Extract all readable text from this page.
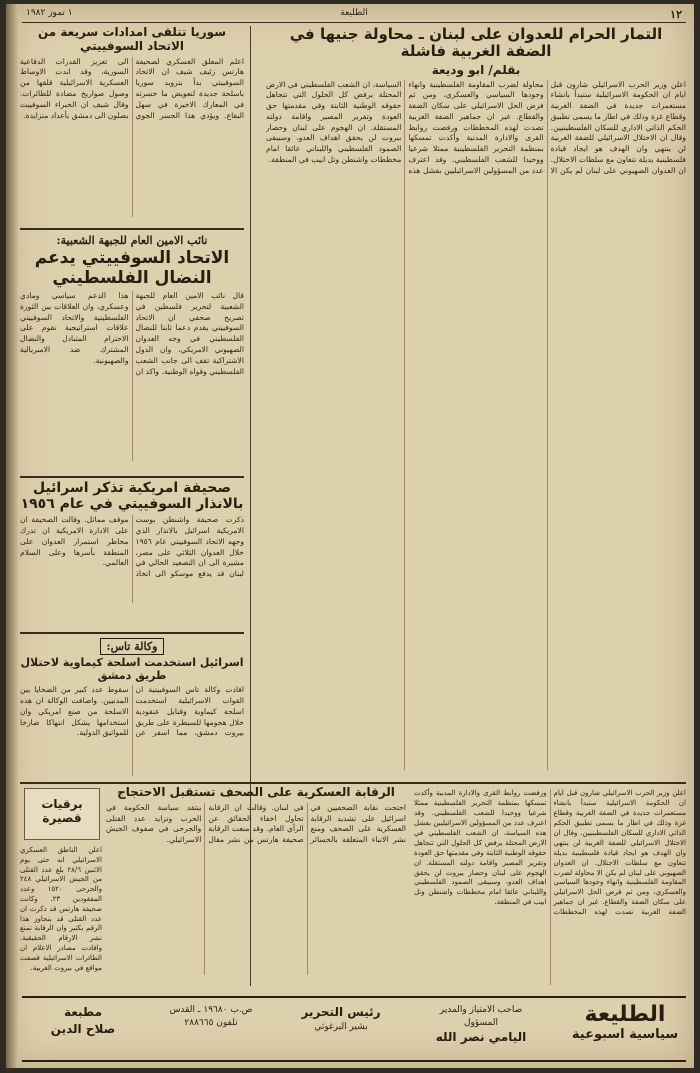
١٢
الطليعة
١ تموز ١٩٨٢
التمار الحرام للعدوان على لبنان ـ محاولة جنيها في الضفة الغربية فاشلة
بقلم/ ابو وديعة
اعلن وزير الحرب الاسرائيلي شارون قبل ايام ان الحكومة الاسرائيلية ستبدأ بانشاء مستعمرات جديدة في الضفة الغربية وقطاع غزة وذلك في اطار ما يسمى تطبيق الحكم الذاتي الاداري للسكان الفلسطينيين. وقال ان الاحتلال الاسرائيلي للضفة الغربية لن ينتهي وان الهدف هو ايجاد قيادة فلسطينية بديلة تتعاون مع سلطات الاحتلال. ان العدوان الصهيوني على لبنان لم يكن الا محاولة لضرب المقاومة الفلسطينية وانهاء وجودها السياسي والعسكري، ومن ثم فرض الحل الاسرائيلي على سكان الضفة والقطاع. غير ان جماهير الضفة الغربية تصدت لهذه المخططات ورفضت روابط القرى والادارة المدنية وأكدت تمسكها بمنظمة التحرير الفلسطينية ممثلا شرعيا ووحيدا للشعب الفلسطيني. وقد اعترف عدد من المسؤولين الاسرائيليين بفشل هذه السياسة، ان الشعب الفلسطيني في الارض المحتلة يرفض كل الحلول التي تتجاهل حقوقه الوطنية الثابتة وفي مقدمتها حق العودة وتقرير المصير واقامة دولته المستقلة. ان الهجوم على لبنان وحصار بيروت لن يحقق اهداف العدو، وسيبقى الصمود الفلسطيني واللبناني عائقا امام مخططات واشنطن وتل ابيب في المنطقة.
سوريا تتلقى امدادات سريعة من الاتحاد السوفييتي
اعلم المعلق العسكري لصحيفة هارتس زئيف شيف ان الاتحاد السوفييتي بدأ بتزويد سوريا باسلحة جديدة لتعويض ما خسرته في المعارك الاخيرة في سهل البقاع. ويؤدي هذا الجسر الجوي الى تعزيز القدرات الدفاعية السورية، وقد ابدت الاوساط العسكرية الاسرائيلية قلقها من وصول صواريخ مضادة للطائرات. وقال شيف ان الخبراء السوفييت يصلون الى دمشق بأعداد متزايدة.
نائب الامين العام للجبهة الشعبية:
الاتحاد السوفييتي يدعم النضال الفلسطيني
قال نائب الامين العام للجبهة الشعبية لتحرير فلسطين في تصريح صحفي ان الاتحاد السوفييتي يقدم دعما ثابتا للنضال الفلسطيني في وجه العدوان الصهيوني الامريكي، وان الدول الاشتراكية تقف الى جانب الشعب الفلسطيني وقواه الوطنية. واكد ان هذا الدعم سياسي ومادي وعسكري، وان العلاقات بين الثورة الفلسطينية والاتحاد السوفييتي علاقات استراتيجية تقوم على الاحترام المتبادل والنضال المشترك ضد الامبريالية والصهيونية.
صحيفة امريكية تذكر اسرائيل بالانذار السوفييتي في عام ١٩٥٦
ذكرت صحيفة واشنطن بوست الامريكية اسرائيل بالانذار الذي وجهه الاتحاد السوفييتي عام ١٩٥٦ خلال العدوان الثلاثي على مصر، مشيرة الى ان التصعيد الحالي في لبنان قد يدفع موسكو الى اتخاذ موقف مماثل. وقالت الصحيفة ان على الادارة الامريكية ان تدرك مخاطر استمرار العدوان على المنطقة بأسرها وعلى السلام العالمي.
وكالة تاس:
اسرائيل استخدمت اسلحة كيماوية لاحتلال طريق دمشق
افادت وكالة تاس السوفييتية ان القوات الاسرائيلية استخدمت اسلحة كيماوية وقنابل عنقودية خلال هجومها للسيطرة على طريق بيروت دمشق، مما اسفر عن سقوط عدد كبير من الضحايا بين المدنيين. واضافت الوكالة ان هذه الاسلحة من صنع امريكي وان استخدامها يشكل انتهاكا صارخا للمواثيق الدولية.
الرقابة العسكرية على الصحف تستقبل الاحتجاج
احتجت نقابة الصحفيين في اسرائيل على تشديد الرقابة العسكرية على الصحف ومنع نشر الانباء المتعلقة بالخسائر في لبنان. وقالت ان الرقابة تحاول اخفاء الحقائق عن الرأي العام. وقد منعت الرقابة صحيفة هارتس من نشر مقال ينتقد سياسة الحكومة في الحرب وتزايد عدد القتلى والجرحى في صفوف الجيش الاسرائيلي.
برقيات
قصيرة
اعلن الناطق العسكري الاسرائيلي انه حتى يوم الاثنين ٢٨/٦ بلغ عدد القتلى من الجيش الاسرائيلي ٢٤٨ والجرحى ١٥٢٠ وعدد المفقودين ٢٣. وكانت صحيفة هارتس قد ذكرت ان عدد القتلى قد يتجاوز هذا الرقم بكثير وان الرقابة تمنع نشر الارقام الحقيقية. وافادت مصادر الاعلام ان الطائرات الاسرائيلية قصفت مواقع في بيروت الغربية.
اعلن وزير الحرب الاسرائيلي شارون قبل ايام ان الحكومة الاسرائيلية ستبدأ بانشاء مستعمرات جديدة في الضفة الغربية وقطاع غزة وذلك في اطار ما يسمى تطبيق الحكم الذاتي الاداري للسكان الفلسطينيين. وقال ان الاحتلال الاسرائيلي للضفة الغربية لن ينتهي وان الهدف هو ايجاد قيادة فلسطينية بديلة تتعاون مع سلطات الاحتلال. ان العدوان الصهيوني على لبنان لم يكن الا محاولة لضرب المقاومة الفلسطينية وانهاء وجودها السياسي والعسكري، ومن ثم فرض الحل الاسرائيلي على سكان الضفة والقطاع. غير ان جماهير الضفة الغربية تصدت لهذه المخططات ورفضت روابط القرى والادارة المدنية وأكدت تمسكها بمنظمة التحرير الفلسطينية ممثلا شرعيا ووحيدا للشعب الفلسطيني. وقد اعترف عدد من المسؤولين الاسرائيليين بفشل هذه السياسة، ان الشعب الفلسطيني في الارض المحتلة يرفض كل الحلول التي تتجاهل حقوقه الوطنية الثابتة وفي مقدمتها حق العودة وتقرير المصير واقامة دولته المستقلة. ان الهجوم على لبنان وحصار بيروت لن يحقق اهداف العدو، وسيبقى الصمود الفلسطيني واللبناني عائقا امام مخططات واشنطن وتل ابيب في المنطقة.
الطليعة
سياسية اسبوعية
صاحب الامتياز والمدير المسؤول
اليامي نصر الله
رئيس التحرير
بشير البرغوثي
ص.ب ١٩٦٨٠ ـ القدس
تلفون ٢٨٨٦٦٥
مطبعة
صلاح الدين
